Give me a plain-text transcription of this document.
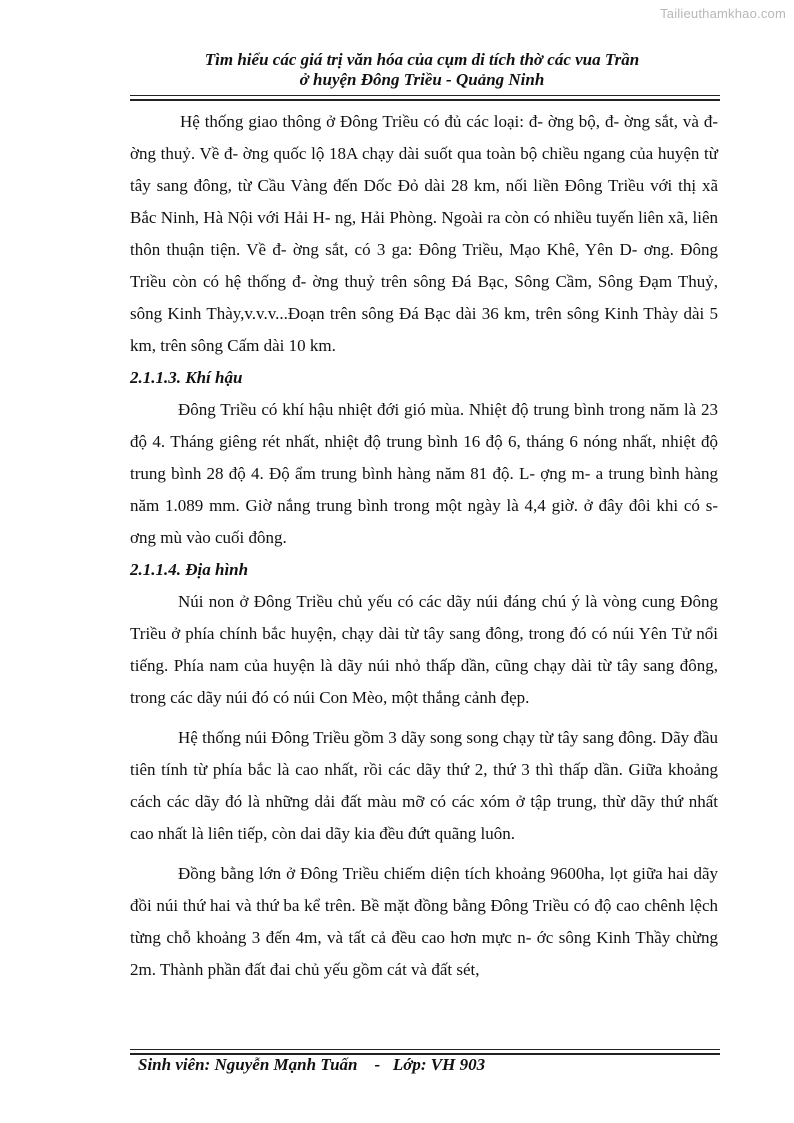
Tailieuthamkhao.com
Tìm hiểu các giá trị văn hóa của cụm di tích thờ các vua Trần
ở huyện Đông Triều - Quảng Ninh

Hệ thống giao thông ở Đông Triều có đủ các loại: đ- ờng bộ, đ- ờng sắt, và đ- ờng thuỷ. Về đ- ờng quốc lộ 18A chạy dài suốt qua toàn bộ chiều ngang của huyện từ tây sang đông, từ Cầu Vàng đến Dốc Đỏ dài 28 km, nối liền Đông Triều với thị xã Bắc Ninh, Hà Nội với Hải H- ng, Hải Phòng. Ngoài ra còn có nhiều tuyến liên xã, liên thôn thuận tiện. Về đ- ờng sắt, có 3 ga: Đông Triều, Mạo Khê, Yên D- ơng. Đông Triều còn có hệ thống đ- ờng thuỷ trên sông Đá Bạc, Sông Cầm, Sông Đạm Thuỷ, sông Kinh Thày,v.v.v...Đoạn trên sông Đá Bạc dài 36 km, trên sông Kinh Thày dài 5 km, trên sông Cấm dài 10 km.

2.1.1.3. Khí hậu

Đông Triều có khí hậu nhiệt đới gió mùa. Nhiệt độ trung bình trong năm là 23 độ 4. Tháng giêng rét nhất, nhiệt độ trung bình 16 độ 6, tháng 6 nóng nhất, nhiệt độ trung bình 28 độ 4. Độ ẩm trung bình hàng năm 81 độ. L- ợng m- a trung bình hàng năm 1.089 mm. Giờ nắng trung bình trong một ngày là 4,4 giờ. ở đây đôi khi có s- ơng mù vào cuối đông.

2.1.1.4. Địa hình

Núi non ở Đông Triều chủ yếu có các dãy núi đáng chú ý là vòng cung Đông Triều ở phía chính bắc huyện, chạy dài từ tây sang đông, trong đó có núi Yên Tử nổi tiếng. Phía nam của huyện là dãy núi nhỏ thấp dần, cũng chạy dài từ tây sang đông, trong các dãy núi đó có núi Con Mèo, một thắng cảnh đẹp.

Hệ thống núi Đông Triều gồm 3 dãy song song chạy từ tây sang đông. Dãy đầu tiên tính từ phía bắc là cao nhất, rồi các dãy thứ 2, thứ 3 thì thấp dần. Giữa khoảng cách các dãy đó là những dải đất màu mỡ có các xóm ở tập trung, thừ dãy thứ nhất cao nhất là liên tiếp, còn dai dãy kia đều đứt quãng luôn.

Đồng bằng lớn ở Đông Triều chiếm diện tích khoảng 9600ha, lọt giữa hai dãy đồi núi thứ hai và thứ ba kể trên. Bề mặt đồng bằng Đông Triều có độ cao chênh lệch từng chỗ khoảng 3 đến 4m, và tất cả đều cao hơn mực n- ớc sông Kinh Thầy chừng 2m. Thành phần đất đai chủ yếu gồm cát và đất sét,

Sinh viên: Nguyễn Mạnh Tuấn    -   Lớp: VH 903
